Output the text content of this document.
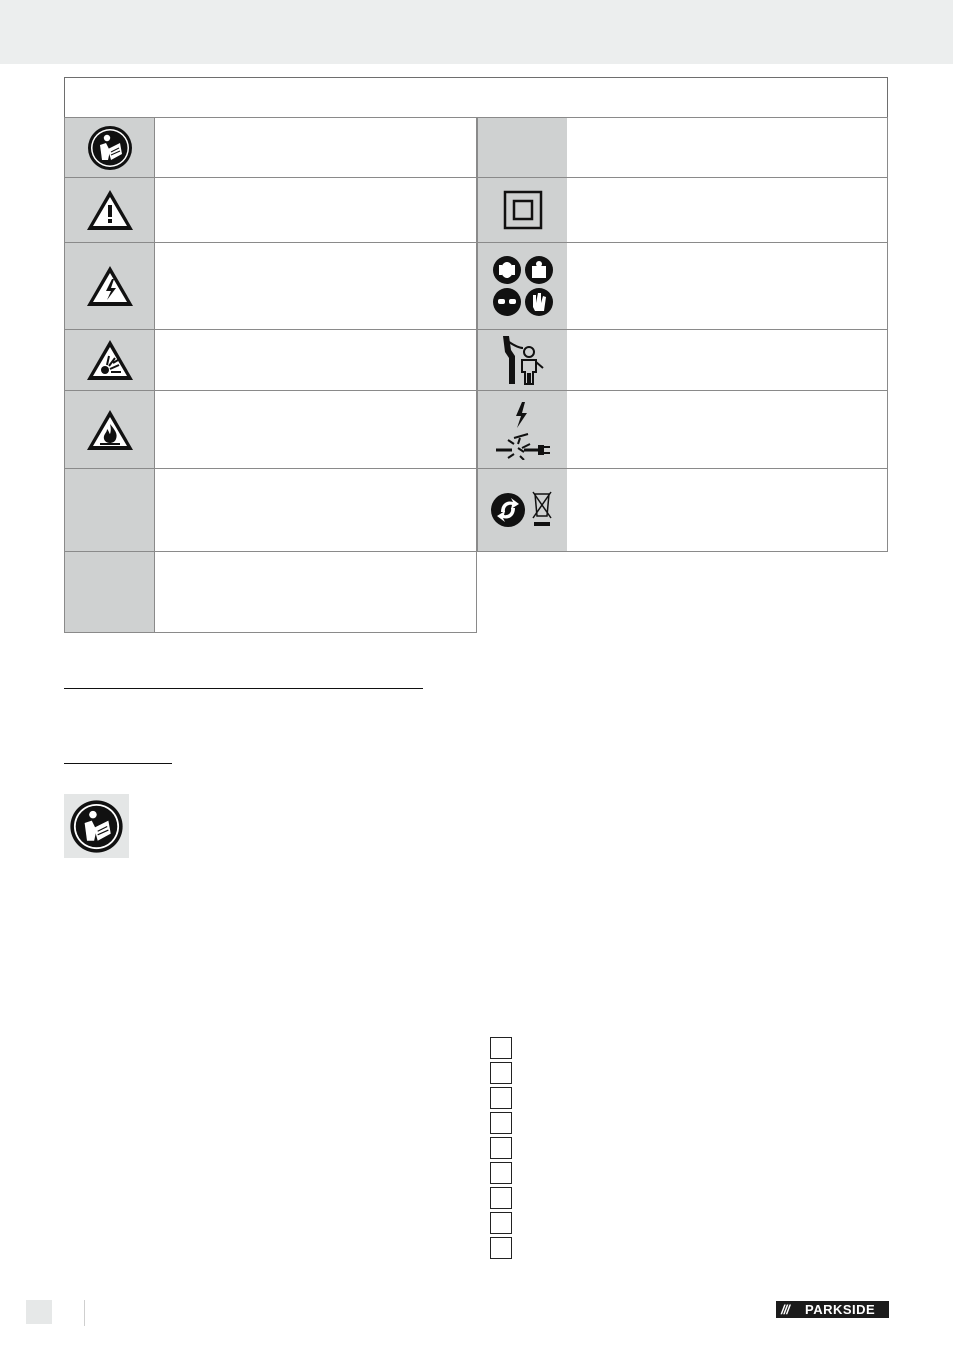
/// PARKSIDE
